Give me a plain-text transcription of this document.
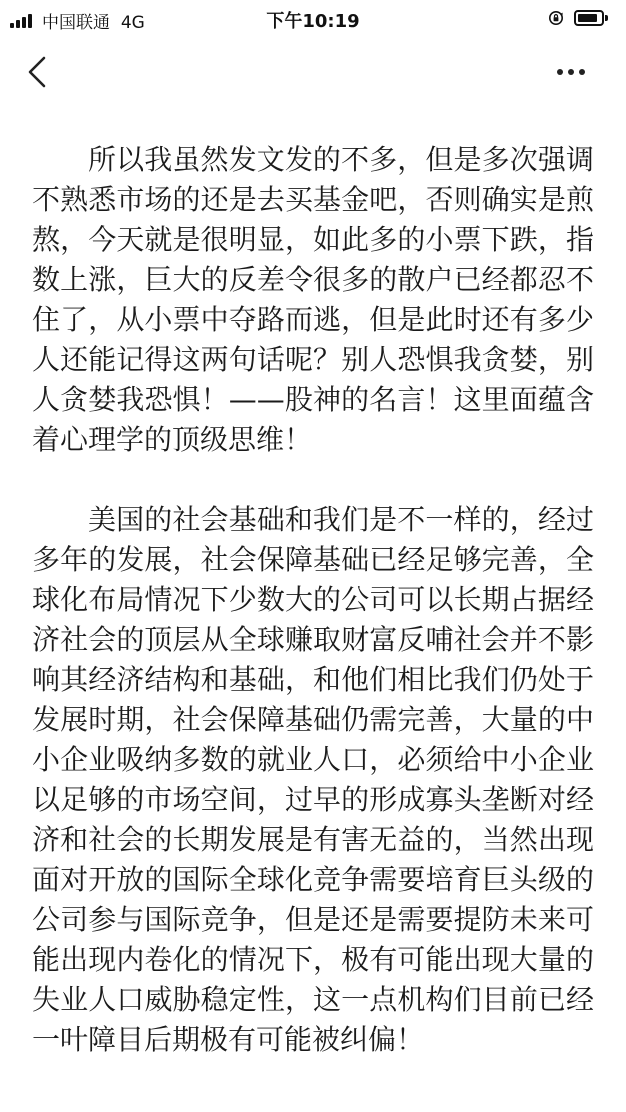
中国联通 4G	下午10:19

所以我虽然发文发的不多，但是多次强调不熟悉市场的还是去买基金吧，否则确实是煎熬，今天就是很明显，如此多的小票下跌，指数上涨，巨大的反差令很多的散户已经都忍不住了，从小票中夺路而逃，但是此时还有多少人还能记得这两句话呢？别人恐惧我贪婪，别人贪婪我恐惧！——股神的名言！这里面蕴含着心理学的顶级思维！

美国的社会基础和我们是不一样的，经过多年的发展，社会保障基础已经足够完善，全球化布局情况下少数大的公司可以长期占据经济社会的顶层从全球赚取财富反哺社会并不影响其经济结构和基础，和他们相比我们仍处于发展时期，社会保障基础仍需完善，大量的中小企业吸纳多数的就业人口，必须给中小企业以足够的市场空间，过早的形成寡头垄断对经济和社会的长期发展是有害无益的，当然出现面对开放的国际全球化竞争需要培育巨头级的公司参与国际竞争，但是还是需要提防未来可能出现内卷化的情况下，极有可能出现大量的失业人口威胁稳定性，这一点机构们目前已经一叶障目后期极有可能被纠偏！
